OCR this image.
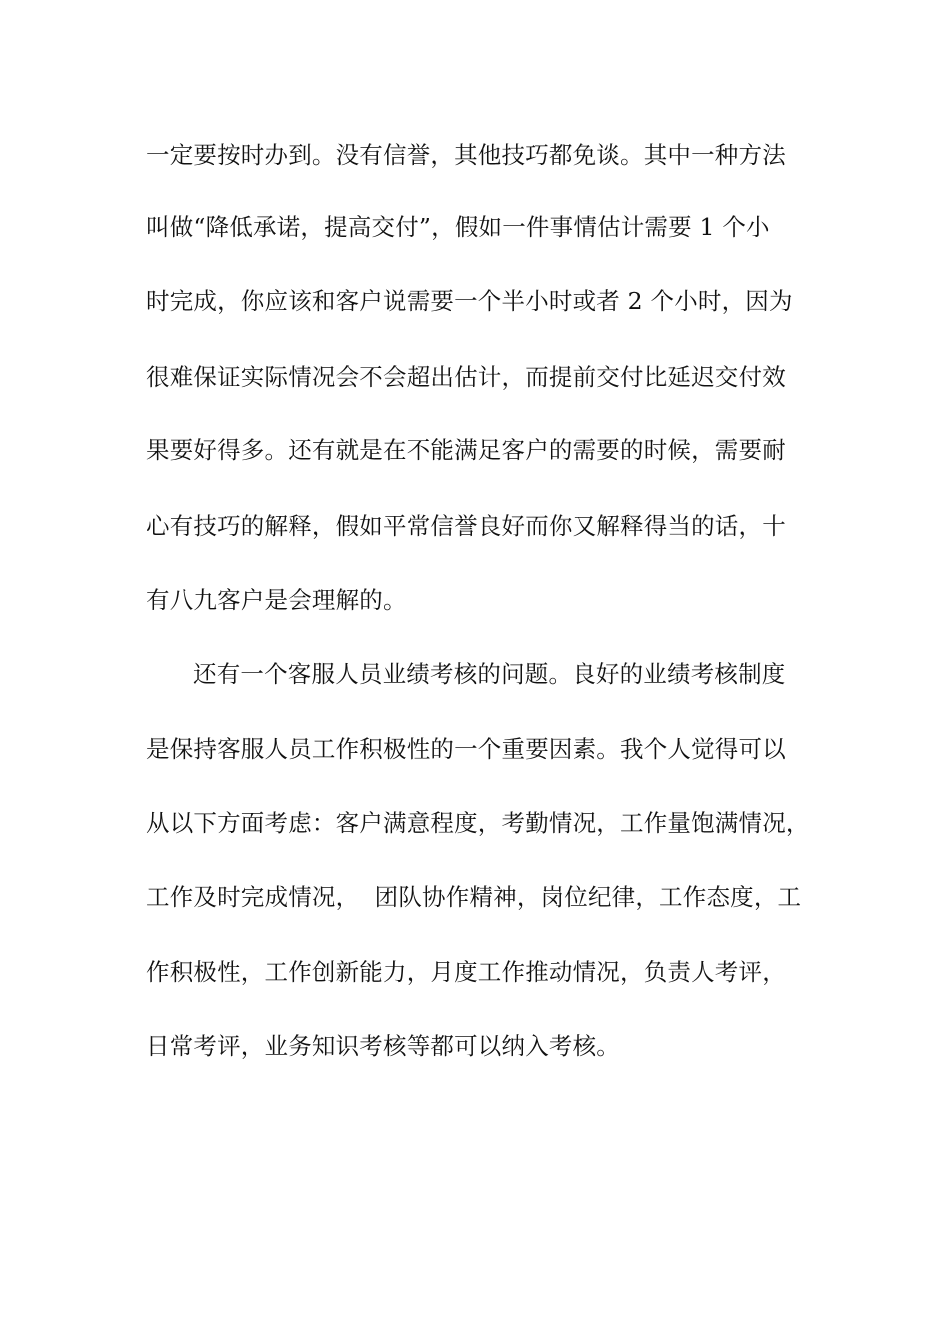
一定要按时办到。没有信誉，其他技巧都免谈。其中一种方法
叫做“降低承诺，提高交付”，假如一件事情估计需要 1 个小
时完成，你应该和客户说需要一个半小时或者 2 个小时，因为
很难保证实际情况会不会超出估计，而提前交付比延迟交付效
果要好得多。还有就是在不能满足客户的需要的时候，需要耐
心有技巧的解释，假如平常信誉良好而你又解释得当的话，十
有八九客户是会理解的。
还有一个客服人员业绩考核的问题。良好的业绩考核制度
是保持客服人员工作积极性的一个重要因素。我个人觉得可以
从以下方面考虑：客户满意程度，考勤情况，工作量饱满情况，
工作及时完成情况，  团队协作精神，岗位纪律，工作态度，工
作积极性，工作创新能力，月度工作推动情况，负责人考评，
日常考评，业务知识考核等都可以纳入考核。
